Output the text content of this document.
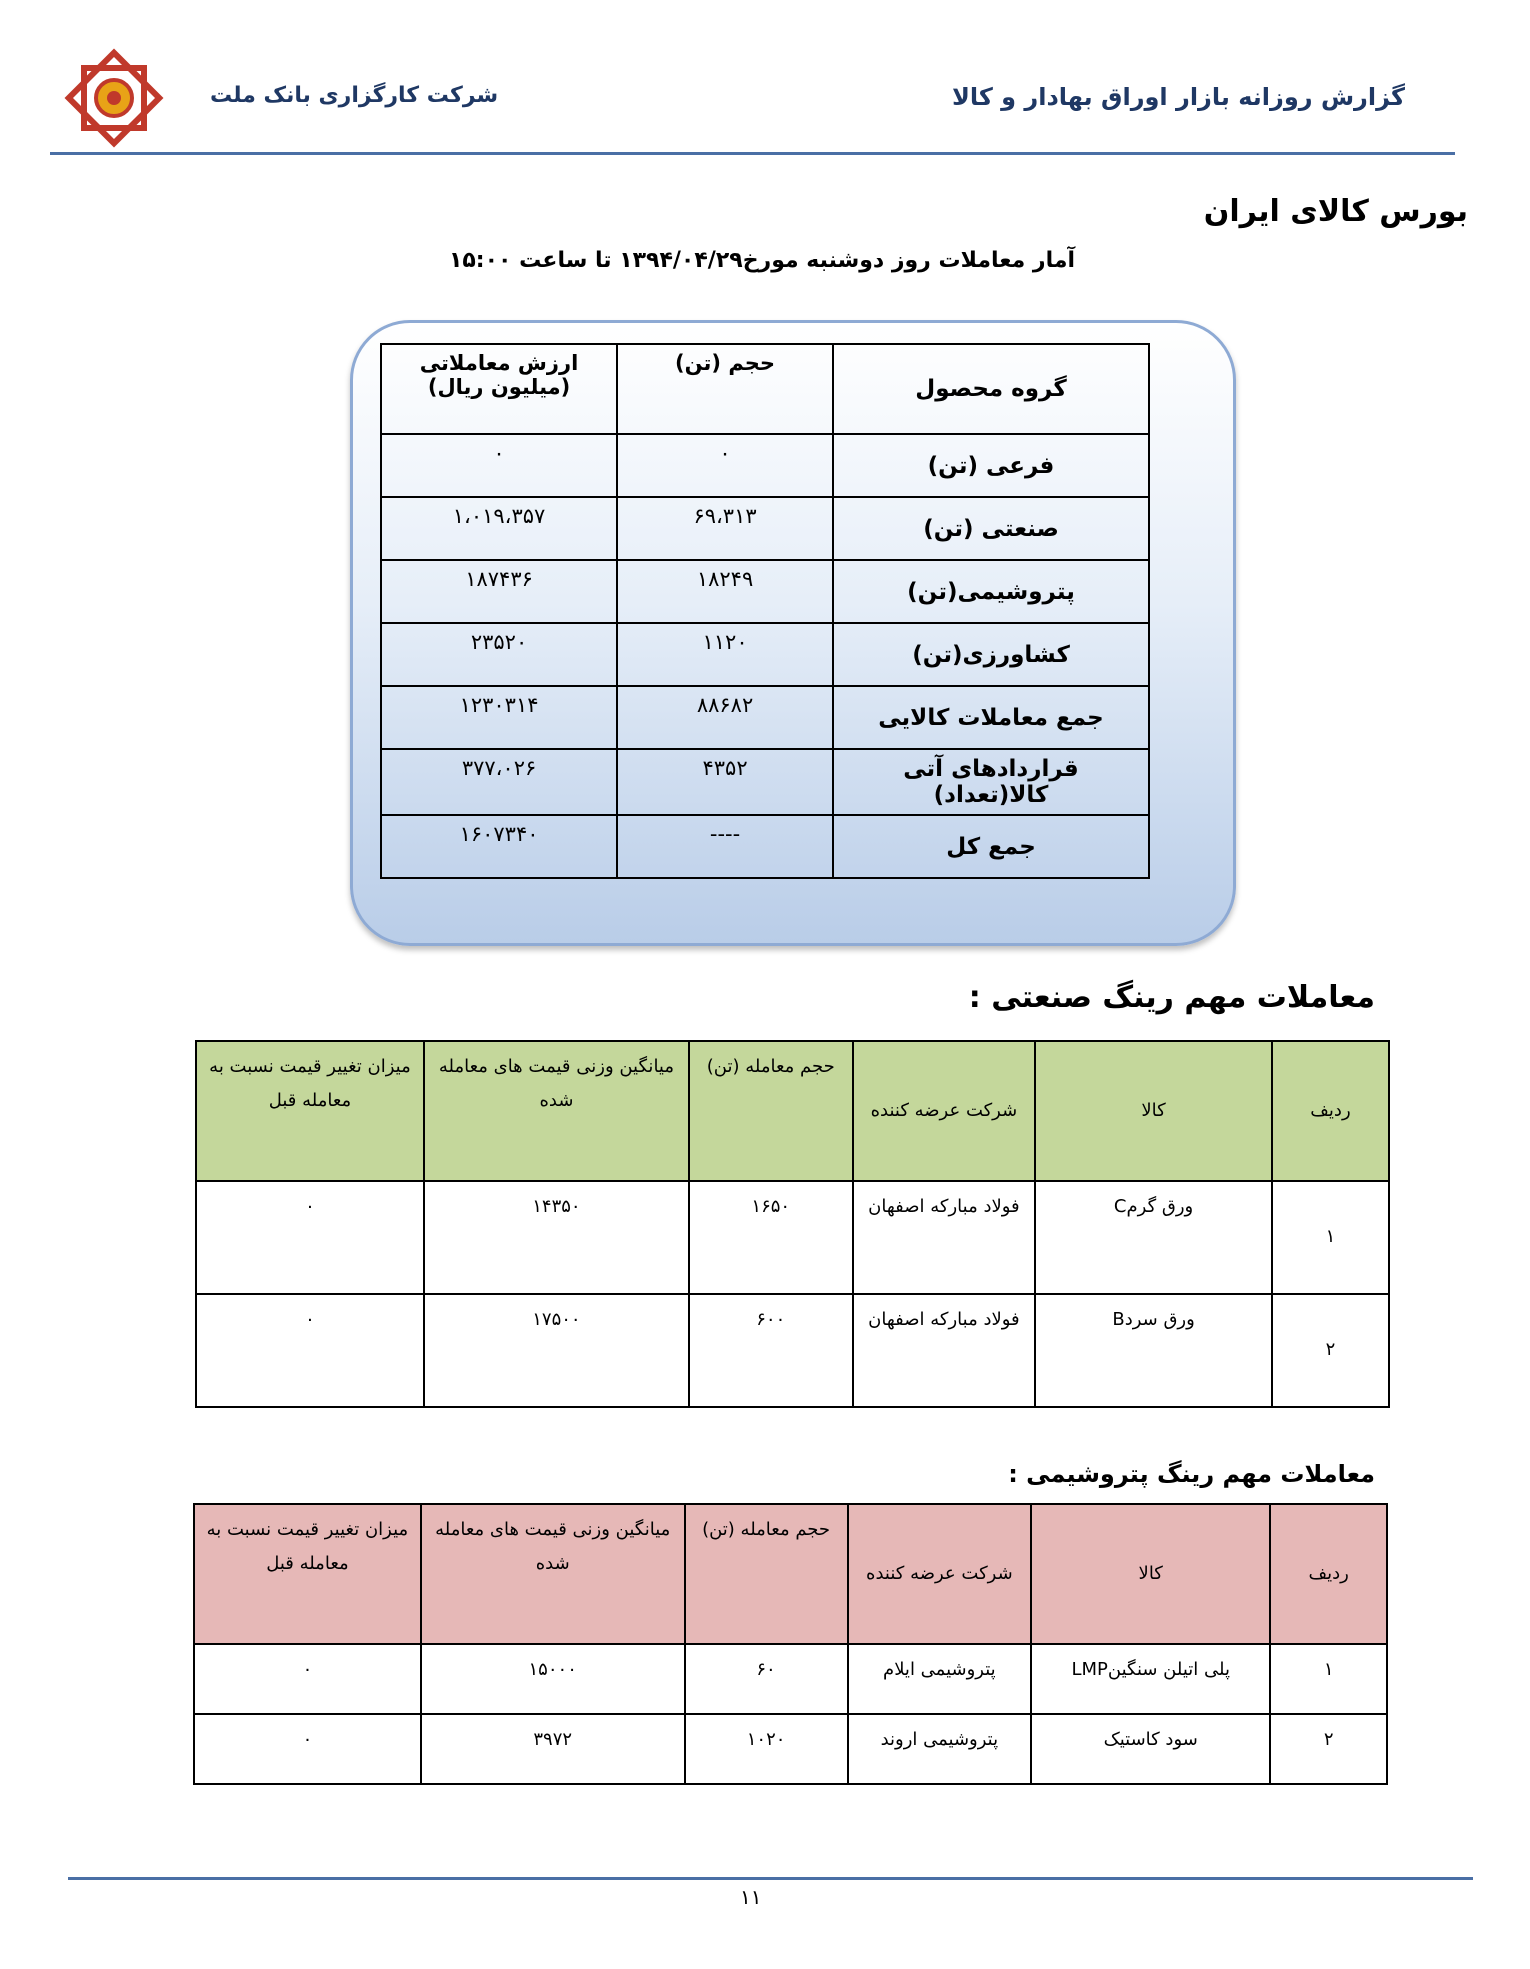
شرکت کارگزاری بانک ملت	گزارش روزانه بازار اوراق بهادار و کالا
بورس کالای ایران
آمار معاملات روز دوشنبه مورخ۱۳۹۴/۰۴/۲۹ تا ساعت ۱۵:۰۰
گروه محصول	حجم (تن)	ارزش معاملاتی (میلیون ریال)
فرعی (تن)	۰	۰
صنعتی (تن)	۶۹،۳۱۳	۱،۰۱۹،۳۵۷
پتروشیمی(تن)	۱۸۲۴۹	۱۸۷۴۳۶
کشاورزی(تن)	۱۱۲۰	۲۳۵۲۰
جمع معاملات کالایی	۸۸۶۸۲	۱۲۳۰۳۱۴
قراردادهای آتی کالا(تعداد)	۴۳۵۲	۳۷۷،۰۲۶
جمع کل	----	۱۶۰۷۳۴۰
معاملات مهم رینگ صنعتی :
ردیف	کالا	شرکت عرضه کننده	حجم معامله (تن)	میانگین وزنی قیمت های معامله شده	میزان تغییر قیمت نسبت به معامله قبل
۱	ورق گرمC	فولاد مبارکه اصفهان	۱۶۵۰	۱۴۳۵۰	۰
۲	ورق سردB	فولاد مبارکه اصفهان	۶۰۰	۱۷۵۰۰	۰
معاملات مهم رینگ پتروشیمی :
ردیف	کالا	شرکت عرضه کننده	حجم معامله (تن)	میانگین وزنی قیمت های معامله شده	میزان تغییر قیمت نسبت به معامله قبل
۱	پلی اتیلن سنگینLMP	پتروشیمی ایلام	۶۰	۱۵۰۰۰	۰
۲	سود کاستیک	پتروشیمی اروند	۱۰۲۰	۳۹۷۲	۰
۱۱
